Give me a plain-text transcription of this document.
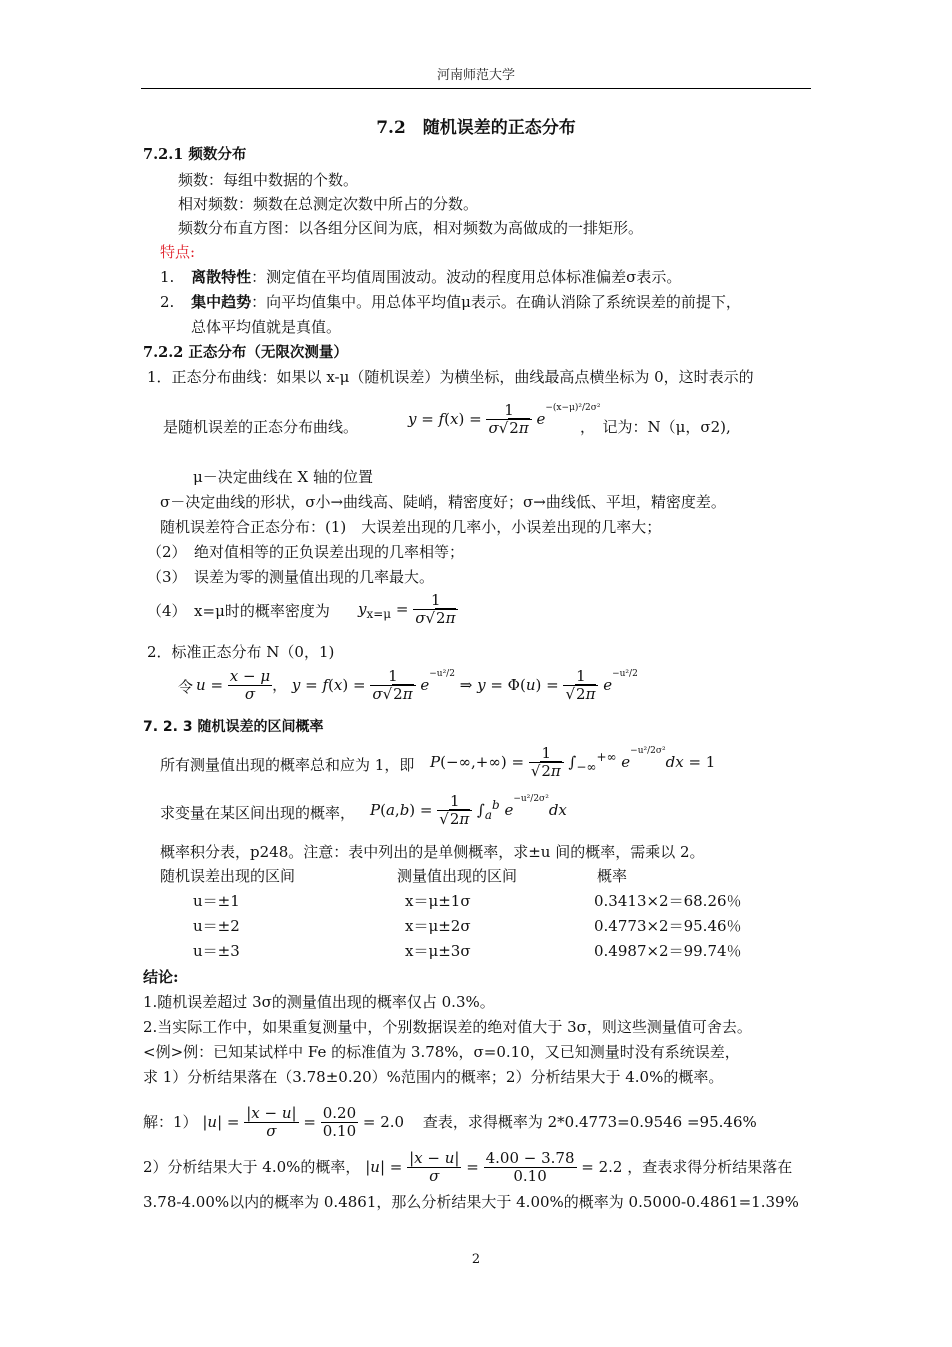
河南师范大学
7.2　随机误差的正态分布
7.2.1 频数分布
频数：每组中数据的个数。
相对频数：频数在总测定次数中所占的分数。
频数分布直方图：以各组分区间为底，相对频数为高做成的一排矩形。
特点:
1. 离散特性：测定值在平均值周围波动。波动的程度用总体标准偏差σ表示。
2. 集中趋势：向平均值集中。用总体平均值μ表示。在确认消除了系统误差的前提下，
总体平均值就是真值。
7.2.2 正态分布（无限次测量）
1．正态分布曲线：如果以 x-μ（随机误差）为横坐标，曲线最高点横坐标为 0，这时表示的
是随机误差的正态分布曲线。	$y = f(x) = \frac{1}{\sigma√2\pi} e^{-(x-\mu)^2/2\sigma^2}$
，　记为：N（μ，σ2),
μ－决定曲线在 X 轴的位置
σ－决定曲线的形状，σ小→曲线高、陡峭，精密度好；σ→曲线低、平坦，精密度差。
随机误差符合正态分布：(1)　大误差出现的几率小，小误差出现的几率大；
（2）　绝对值相等的正负误差出现的几率相等；
（3）　误差为零的测量值出现的几率最大。
（4）　x=μ时的概率密度为 $y_{x=\mu} = \frac{1}{\sigma√2\pi}$
2．标准正态分布 N（0，1)
令 $u = \frac{x - \mu}{\sigma}$ ， $y = f(x) = \frac{1}{\sigma√2\pi} e^{-u^2/2}$ ⇒ $y = \Phi(u) = \frac{1}{√2\pi} e^{-u^2/2}$
7. 2. 3 随机误差的区间概率
所有测量值出现的概率总和应为 1，即 $P(-\infty,+\infty) = \frac{1}{√2\pi} \int_{-\infty}^{+\infty}$ $e^{-u^2/2\sigma^2}dx = 1$
求变量在某区间出现的概率， $P(a,b) = \frac{1}{√2\pi} \int_a^b$ $e^{-u^2/2\sigma^2}dx$
概率积分表，p248。注意：表中列出的是单侧概率，求±u 间的概率，需乘以 2。
随机误差出现的区间	测量值出现的区间	概率
u＝±1	x＝μ±1σ	0.3413×2＝68.26％
u＝±2	x＝μ±2σ	0.4773×2＝95.46％
u＝±3	x＝μ±3σ	0.4987×2＝99.74％
结论:
1.随机误差超过 3σ的测量值出现的概率仅占 0.3%。
2.当实际工作中，如果重复测量中，个别数据误差的绝对值大于 3σ，则这些测量值可舍去。
<例>例：已知某试样中 Fe 的标准值为 3.78%，σ=0.10，又已知测量时没有系统误差，
求 1）分析结果落在（3.78±0.20）%范围内的概率；2）分析结果大于 4.0%的概率。
解：1） $|u| = \frac{|x - u|}{\sigma} = \frac{0.20}{0.10} = 2.0$ 查表，求得概率为 2*0.4773=0.9546 =95.46%
2）分析结果大于 4.0%的概率， $|u| = \frac{|x - u|}{\sigma} = \frac{4.00 - 3.78}{0.10} = 2.2$ ，查表求得分析结果落在
3.78-4.00%以内的概率为 0.4861，那么分析结果大于 4.00%的概率为 0.5000-0.4861=1.39%
2
